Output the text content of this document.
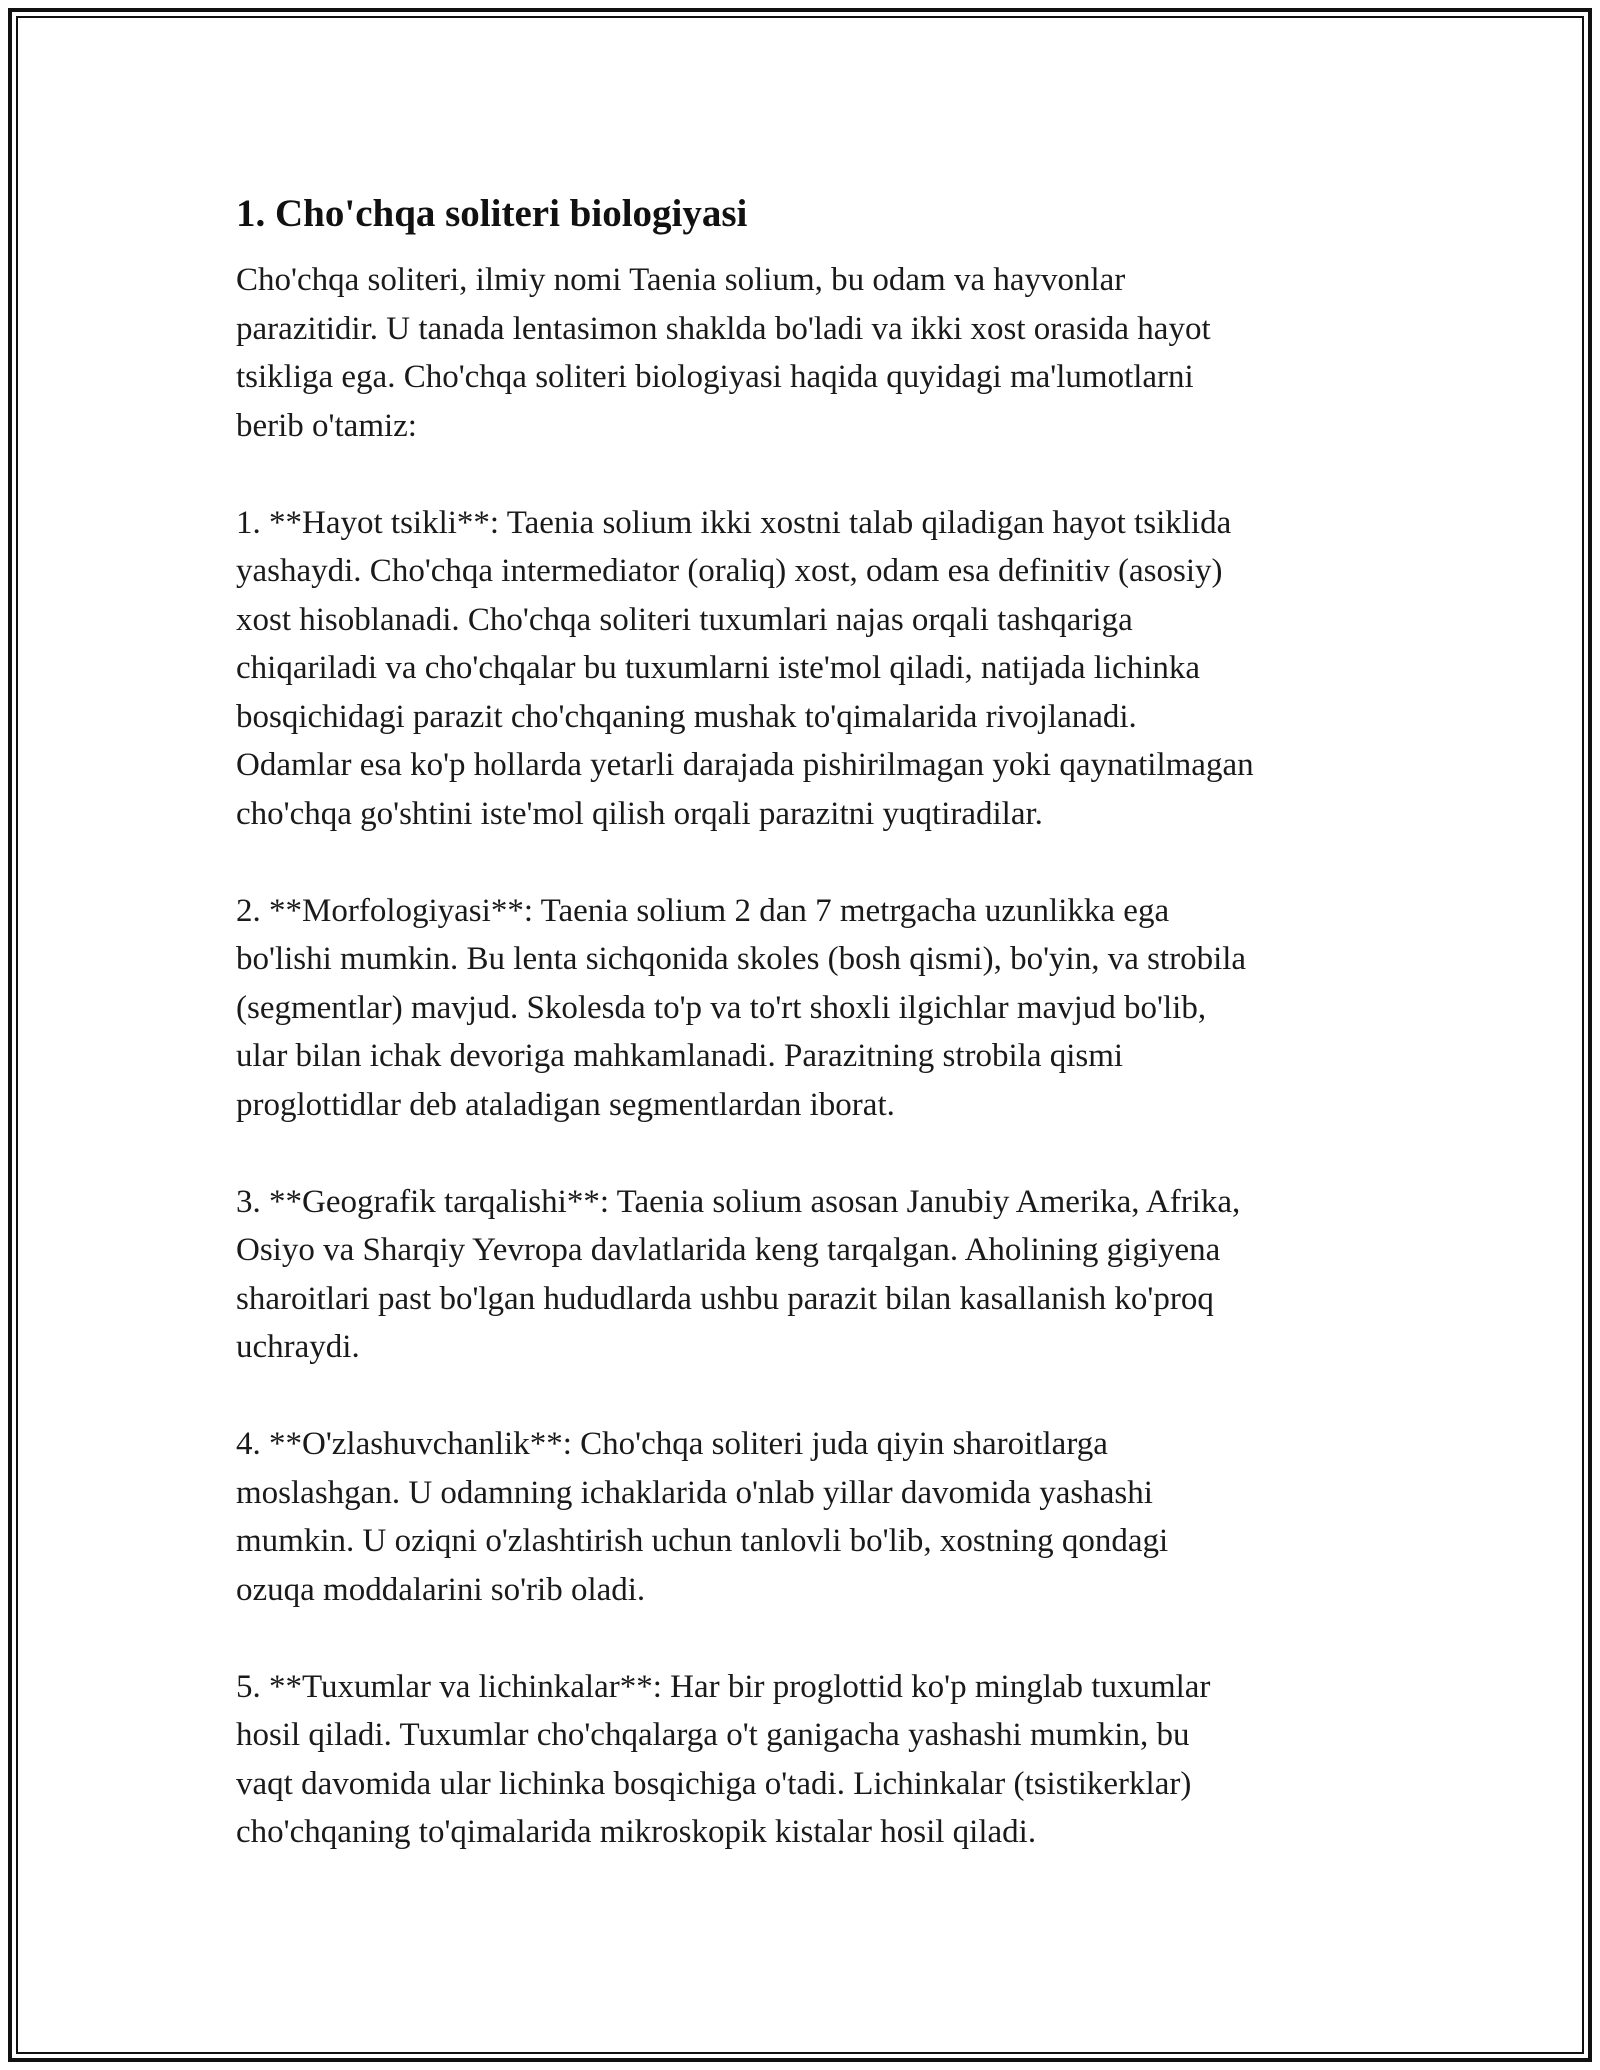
1. Cho'chqa soliteri biologiyasi

Cho'chqa soliteri, ilmiy nomi Taenia solium, bu odam va hayvonlar
parazitidir. U tanada lentasimon shaklda bo'ladi va ikki xost orasida hayot
tsikliga ega. Cho'chqa soliteri biologiyasi haqida quyidagi ma'lumotlarni
berib o'tamiz:

1. **Hayot tsikli**: Taenia solium ikki xostni talab qiladigan hayot tsiklida
yashaydi. Cho'chqa intermediator (oraliq) xost, odam esa definitiv (asosiy)
xost hisoblanadi. Cho'chqa soliteri tuxumlari najas orqali tashqariga
chiqariladi va cho'chqalar bu tuxumlarni iste'mol qiladi, natijada lichinka
bosqichidagi parazit cho'chqaning mushak to'qimalarida rivojlanadi.
Odamlar esa ko'p hollarda yetarli darajada pishirilmagan yoki qaynatilmagan
cho'chqa go'shtini iste'mol qilish orqali parazitni yuqtiradilar.

2. **Morfologiyasi**: Taenia solium 2 dan 7 metrgacha uzunlikka ega
bo'lishi mumkin. Bu lenta sichqonida skoles (bosh qismi), bo'yin, va strobila
(segmentlar) mavjud. Skolesda to'p va to'rt shoxli ilgichlar mavjud bo'lib,
ular bilan ichak devoriga mahkamlanadi. Parazitning strobila qismi
proglottidlar deb ataladigan segmentlardan iborat.

3. **Geografik tarqalishi**: Taenia solium asosan Janubiy Amerika, Afrika,
Osiyo va Sharqiy Yevropa davlatlarida keng tarqalgan. Aholining gigiyena
sharoitlari past bo'lgan hududlarda ushbu parazit bilan kasallanish ko'proq
uchraydi.

4. **O'zlashuvchanlik**: Cho'chqa soliteri juda qiyin sharoitlarga
moslashgan. U odamning ichaklarida o'nlab yillar davomida yashashi
mumkin. U oziqni o'zlashtirish uchun tanlovli bo'lib, xostning qondagi
ozuqa moddalarini so'rib oladi.

5. **Tuxumlar va lichinkalar**: Har bir proglottid ko'p minglab tuxumlar
hosil qiladi. Tuxumlar cho'chqalarga o't ganigacha yashashi mumkin, bu
vaqt davomida ular lichinka bosqichiga o'tadi. Lichinkalar (tsistikerklar)
cho'chqaning to'qimalarida mikroskopik kistalar hosil qiladi.
